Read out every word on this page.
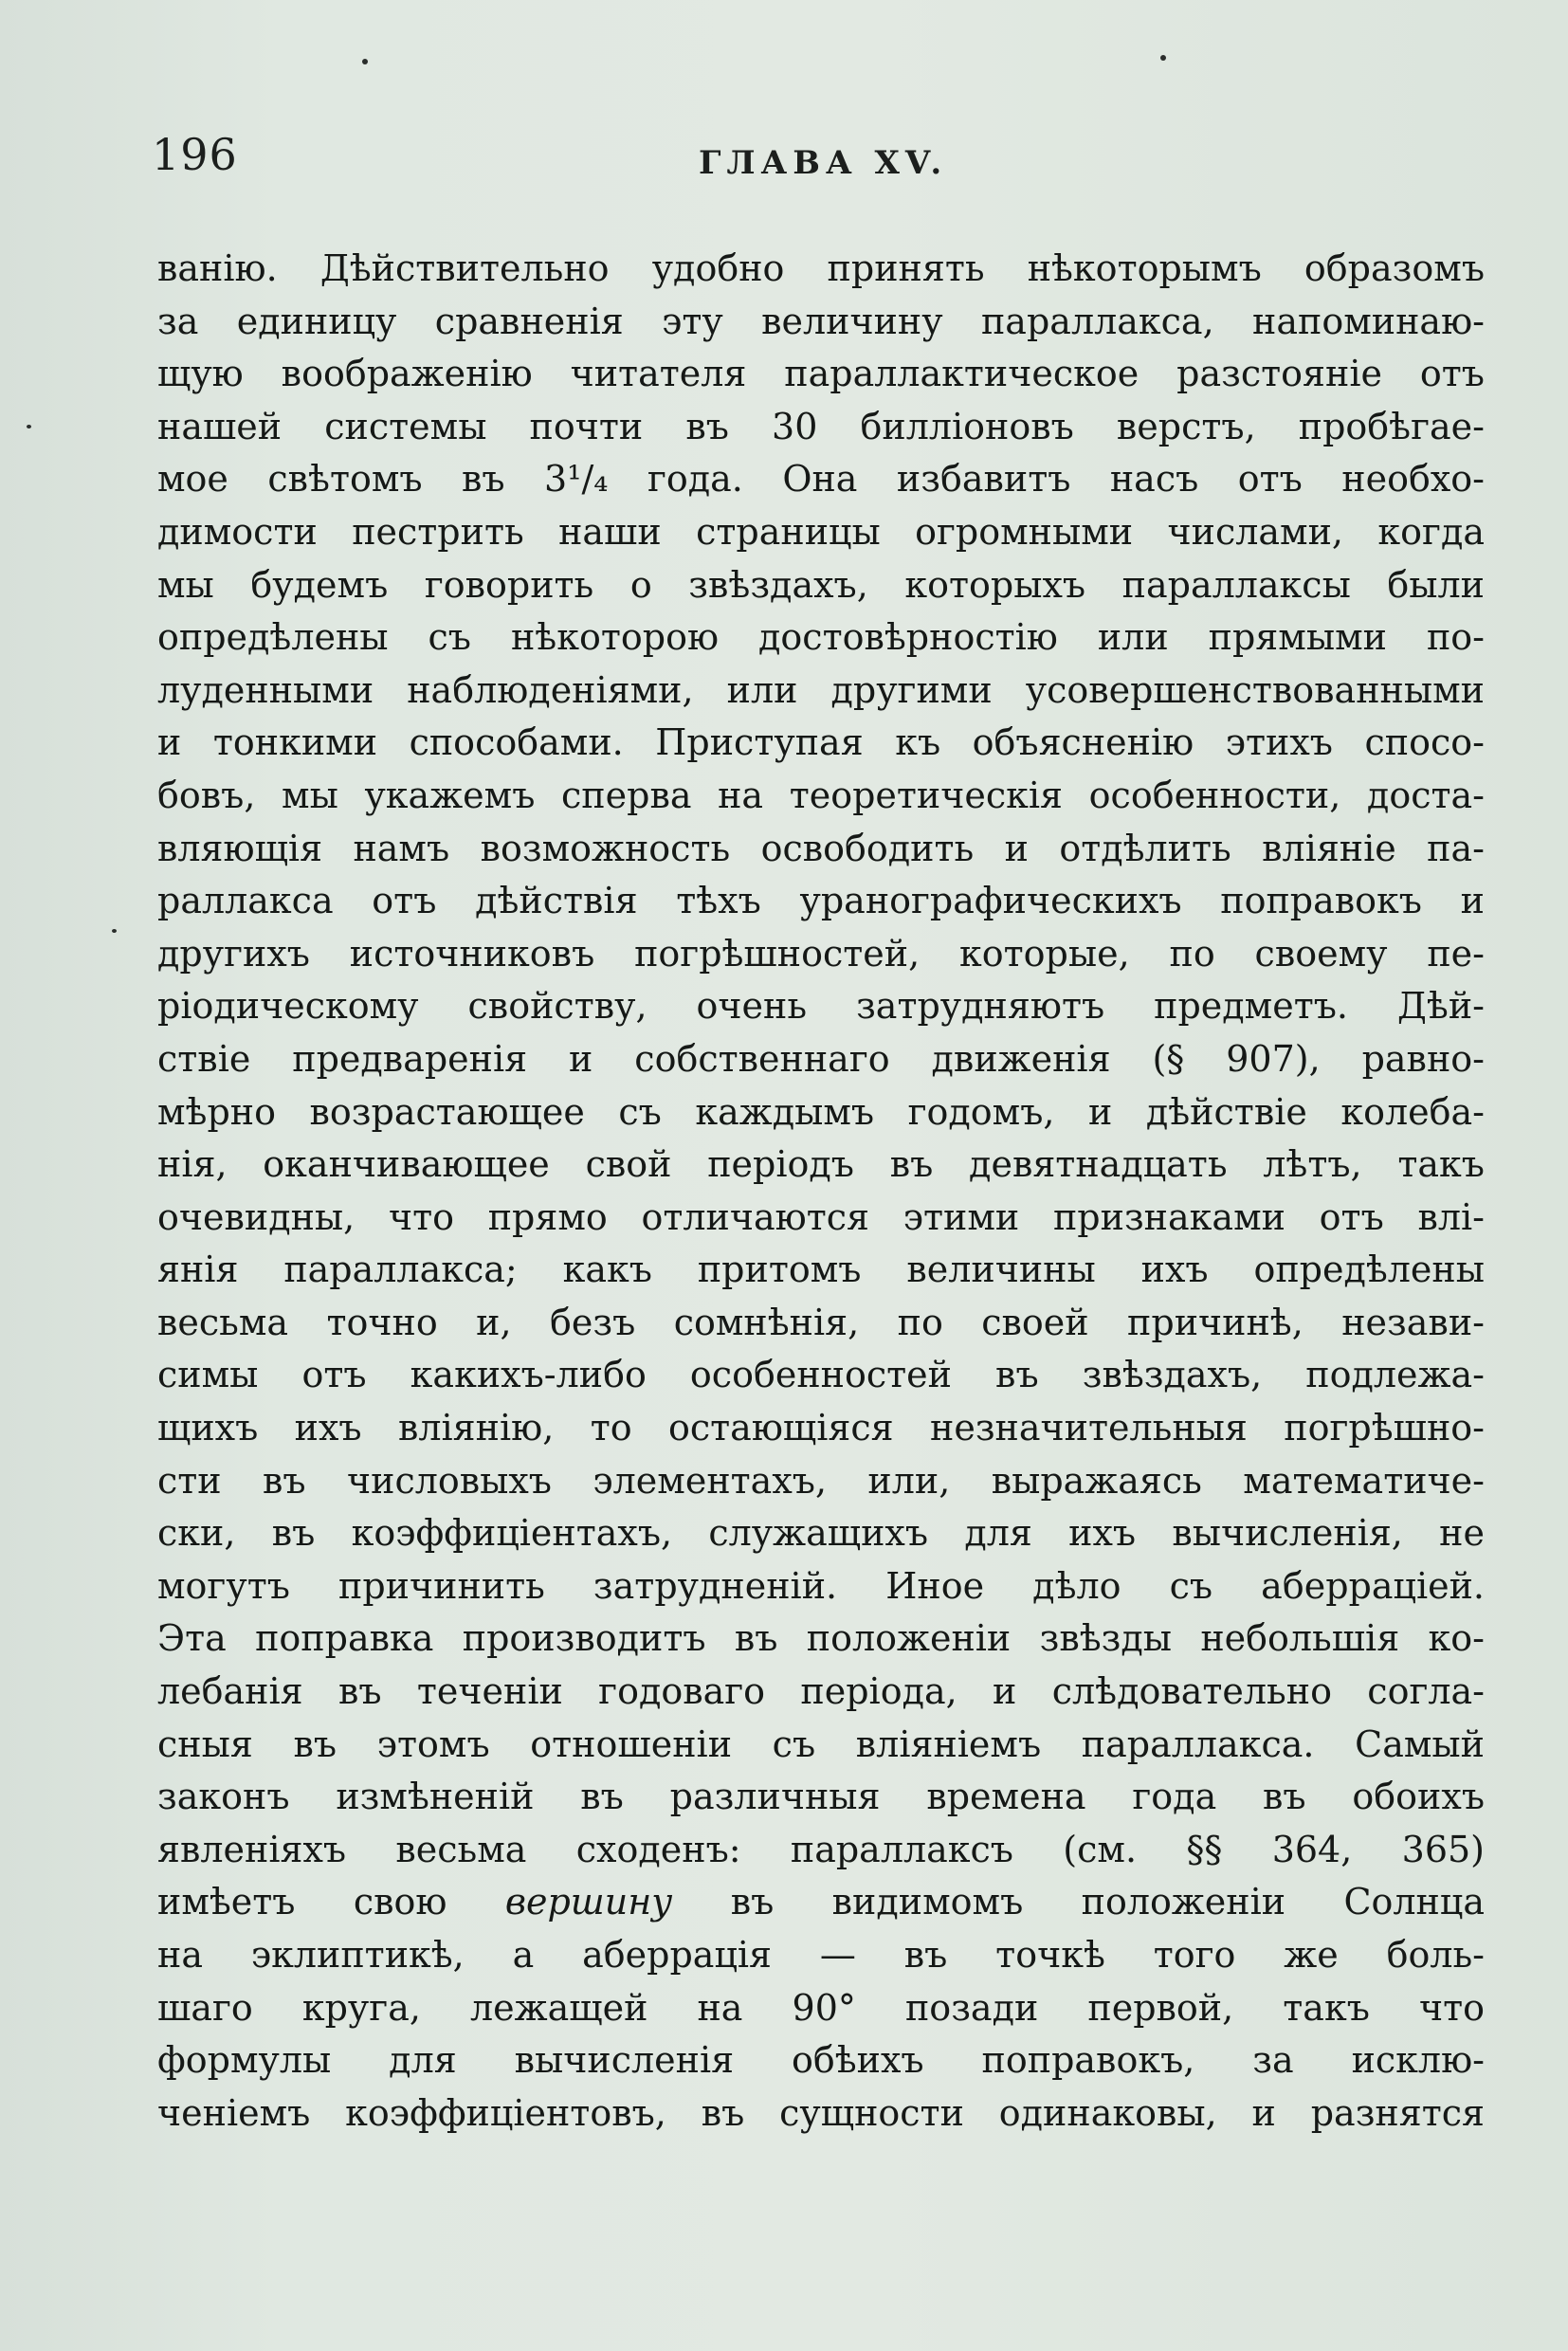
196	ГЛАВА XV.
ванію. Дѣйствительно удобно принять нѣкоторымъ образомъ
за единицу сравненія эту величину параллакса, напоминаю-
щую воображенію читателя параллактическое разстояніе отъ
нашей системы почти въ 30 билліоновъ верстъ, пробѣгае-
мое свѣтомъ въ 3¹/₄ года. Она избавитъ насъ отъ необхо-
димости пестрить наши страницы огромными числами, когда
мы будемъ говорить о звѣздахъ, которыхъ параллаксы были
опредѣлены съ нѣкоторою достовѣрностію или прямыми по-
луденными наблюденіями, или другими усовершенствованными
и тонкими способами. Приступая къ объясненію этихъ спосо-
бовъ, мы укажемъ сперва на теоретическія особенности, доста-
вляющія намъ возможность освободить и отдѣлить вліяніе па-
раллакса отъ дѣйствія тѣхъ уранографическихъ поправокъ и
другихъ источниковъ погрѣшностей, которые, по своему пе-
ріодическому свойству, очень затрудняютъ предметъ. Дѣй-
ствіе предваренія и собственнаго движенія (§ 907), равно-
мѣрно возрастающее съ каждымъ годомъ, и дѣйствіе колеба-
нія, оканчивающее свой періодъ въ девятнадцать лѣтъ, такъ
очевидны, что прямо отличаются этими признаками отъ влі-
янія параллакса; какъ притомъ величины ихъ опредѣлены
весьма точно и, безъ сомнѣнія, по своей причинѣ, незави-
симы отъ какихъ-либо особенностей въ звѣздахъ, подлежа-
щихъ ихъ вліянію, то остающіяся незначительныя погрѣшно-
сти въ числовыхъ элементахъ, или, выражаясь математиче-
ски, въ коэффиціентахъ, служащихъ для ихъ вычисленія, не
могутъ причинить затрудненій. Иное дѣло съ аберраціей.
Эта поправка производитъ въ положеніи звѣзды небольшія ко-
лебанія въ теченіи годоваго періода, и слѣдовательно согла-
сныя въ этомъ отношеніи съ вліяніемъ параллакса. Самый
законъ измѣненій въ различныя времена года въ обоихъ
явленіяхъ весьма сходенъ: параллаксъ (см. §§ 364, 365)
имѣетъ свою вершину въ видимомъ положеніи Солнца
на эклиптикѣ, а аберрація — въ точкѣ того же боль-
шаго круга, лежащей на 90° позади первой, такъ что
формулы для вычисленія обѣихъ поправокъ, за исклю-
ченіемъ коэффиціентовъ, въ сущности одинаковы, и разнятся
